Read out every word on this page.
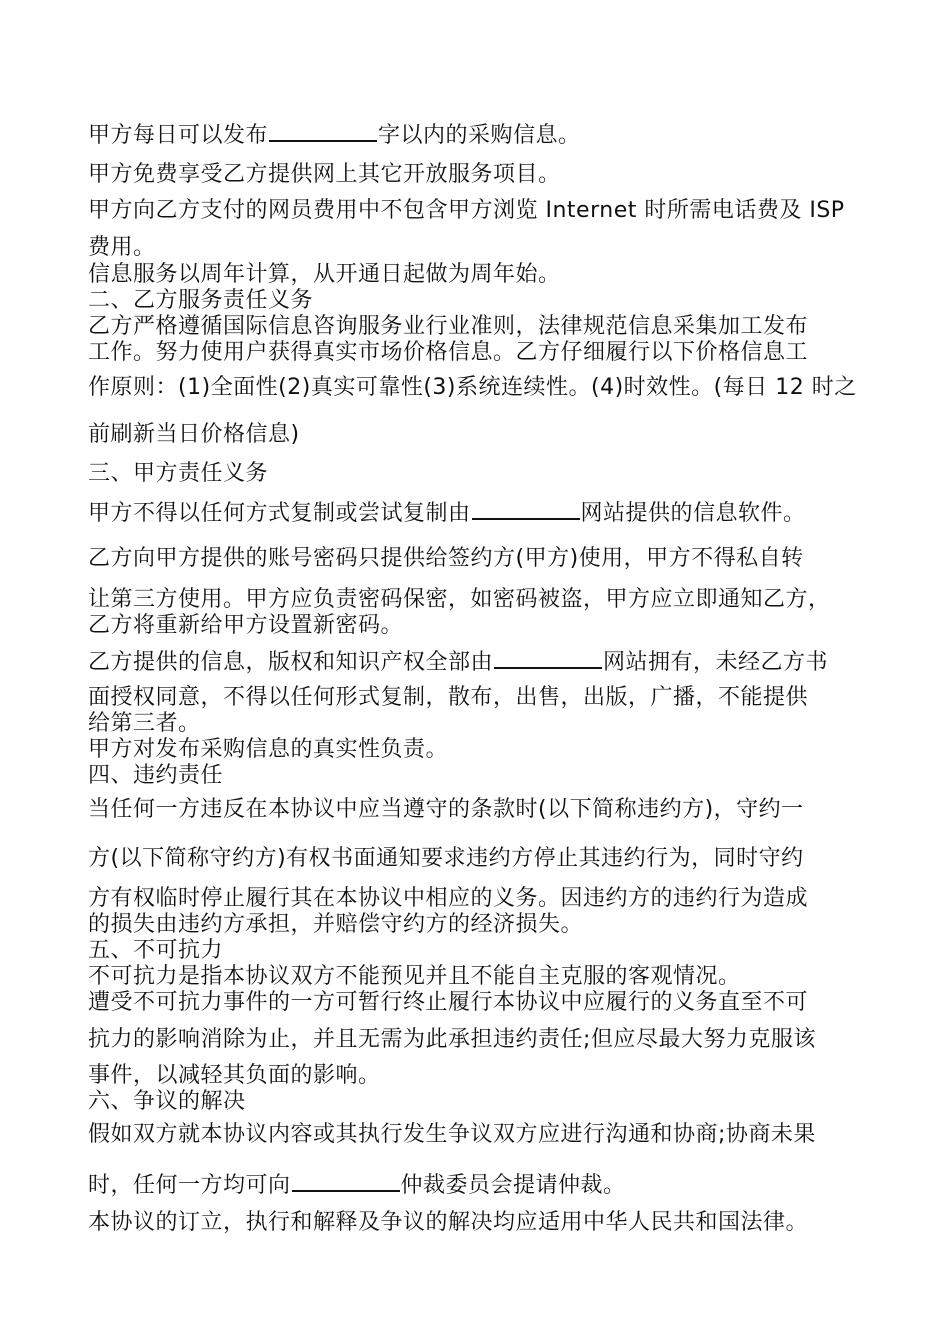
甲方每日可以发布	字以内的采购信息。

甲方免费享受乙方提供网上其它开放服务项目。

甲方向乙方支付的网员费用中不包含甲方浏览 Internet 时所需电话费及 ISP

费用。

信息服务以周年计算，从开通日起做为周年始。

二、乙方服务责任义务

乙方严格遵循国际信息咨询服务业行业准则，法律规范信息采集加工发布

工作。努力使用户获得真实市场价格信息。乙方仔细履行以下价格信息工

作原则：(1)全面性(2)真实可靠性(3)系统连续性。(4)时效性。(每日 12 时之

前刷新当日价格信息)

三、甲方责任义务

甲方不得以任何方式复制或尝试复制由	网站提供的信息软件。

乙方向甲方提供的账号密码只提供给签约方(甲方)使用，甲方不得私自转

让第三方使用。甲方应负责密码保密，如密码被盗，甲方应立即通知乙方，

乙方将重新给甲方设置新密码。

乙方提供的信息，版权和知识产权全部由	网站拥有，未经乙方书

面授权同意，不得以任何形式复制，散布，出售，出版，广播，不能提供

给第三者。

甲方对发布采购信息的真实性负责。

四、违约责任

当任何一方违反在本协议中应当遵守的条款时(以下简称违约方)，守约一

方(以下简称守约方)有权书面通知要求违约方停止其违约行为，同时守约

方有权临时停止履行其在本协议中相应的义务。因违约方的违约行为造成

的损失由违约方承担，并赔偿守约方的经济损失。

五、不可抗力

不可抗力是指本协议双方不能预见并且不能自主克服的客观情况。

遭受不可抗力事件的一方可暂行终止履行本协议中应履行的义务直至不可

抗力的影响消除为止，并且无需为此承担违约责任;但应尽最大努力克服该

事件，以减轻其负面的影响。

六、争议的解决

假如双方就本协议内容或其执行发生争议双方应进行沟通和协商;协商未果

时，任何一方均可向	仲裁委员会提请仲裁。

本协议的订立，执行和解释及争议的解决均应适用中华人民共和国法律。
